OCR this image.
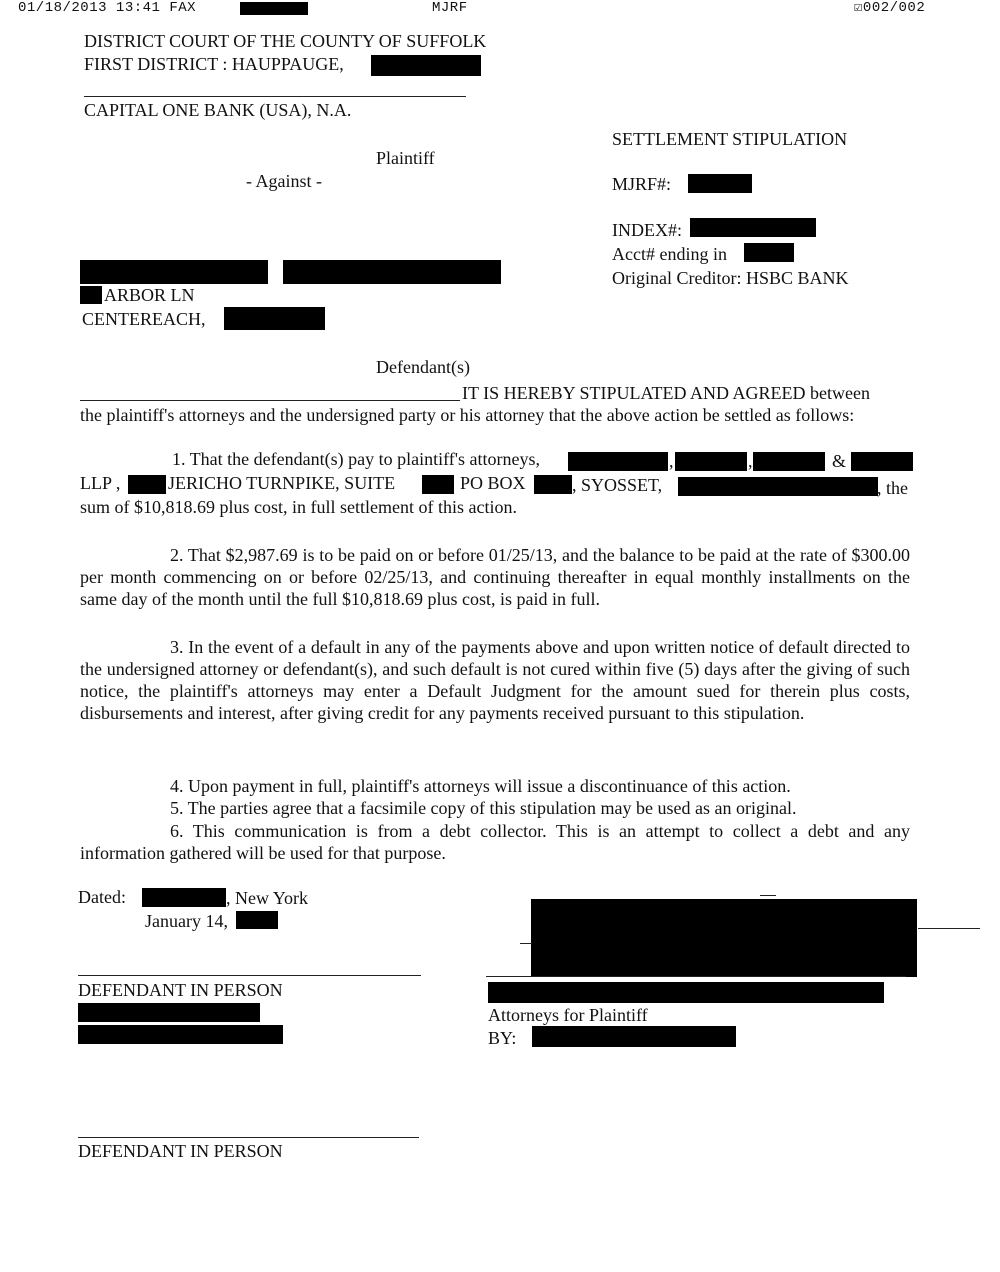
01/18/2013 13:41 FAX	MJRF	☑002/002
DISTRICT COURT OF THE COUNTY OF SUFFOLK
FIRST DISTRICT : HAUPPAUGE,
CAPITAL ONE BANK (USA), N.A.
Plaintiff
- Against -
ARBOR LN
CENTEREACH,
Defendant(s)
SETTLEMENT STIPULATION
MJRF#:
INDEX#:
Acct# ending in
Original Creditor: HSBC BANK
IT IS HEREBY STIPULATED AND AGREED between
the plaintiff's attorneys and the undersigned party or his attorney that the above action be settled as follows:
1. That the defendant(s) pay to plaintiff's attorneys,	,	,	&
LLP ,	JERICHO TURNPIKE, SUITE	PO BOX	, SYOSSET,	, the
sum of $10,818.69 plus cost, in full settlement of this action.
2. That $2,987.69 is to be paid on or before 01/25/13, and the balance to be paid at the rate of $300.00 per month commencing on or before 02/25/13, and continuing thereafter in equal monthly installments on the same day of the month until the full $10,818.69 plus cost, is paid in full.
3. In the event of a default in any of the payments above and upon written notice of default directed to the undersigned attorney or defendant(s), and such default is not cured within five (5) days after the giving of such notice, the plaintiff's attorneys may enter a Default Judgment for the amount sued for therein plus costs, disbursements and interest, after giving credit for any payments received pursuant to this stipulation.
4. Upon payment in full, plaintiff's attorneys will issue a discontinuance of this action.
5. The parties agree that a facsimile copy of this stipulation may be used as an original.
6. This communication is from a debt collector. This is an attempt to collect a debt and any information gathered will be used for that purpose.
Dated:	, New York
January 14,
DEFENDANT IN PERSON
Attorneys for Plaintiff
BY:
DEFENDANT IN PERSON
